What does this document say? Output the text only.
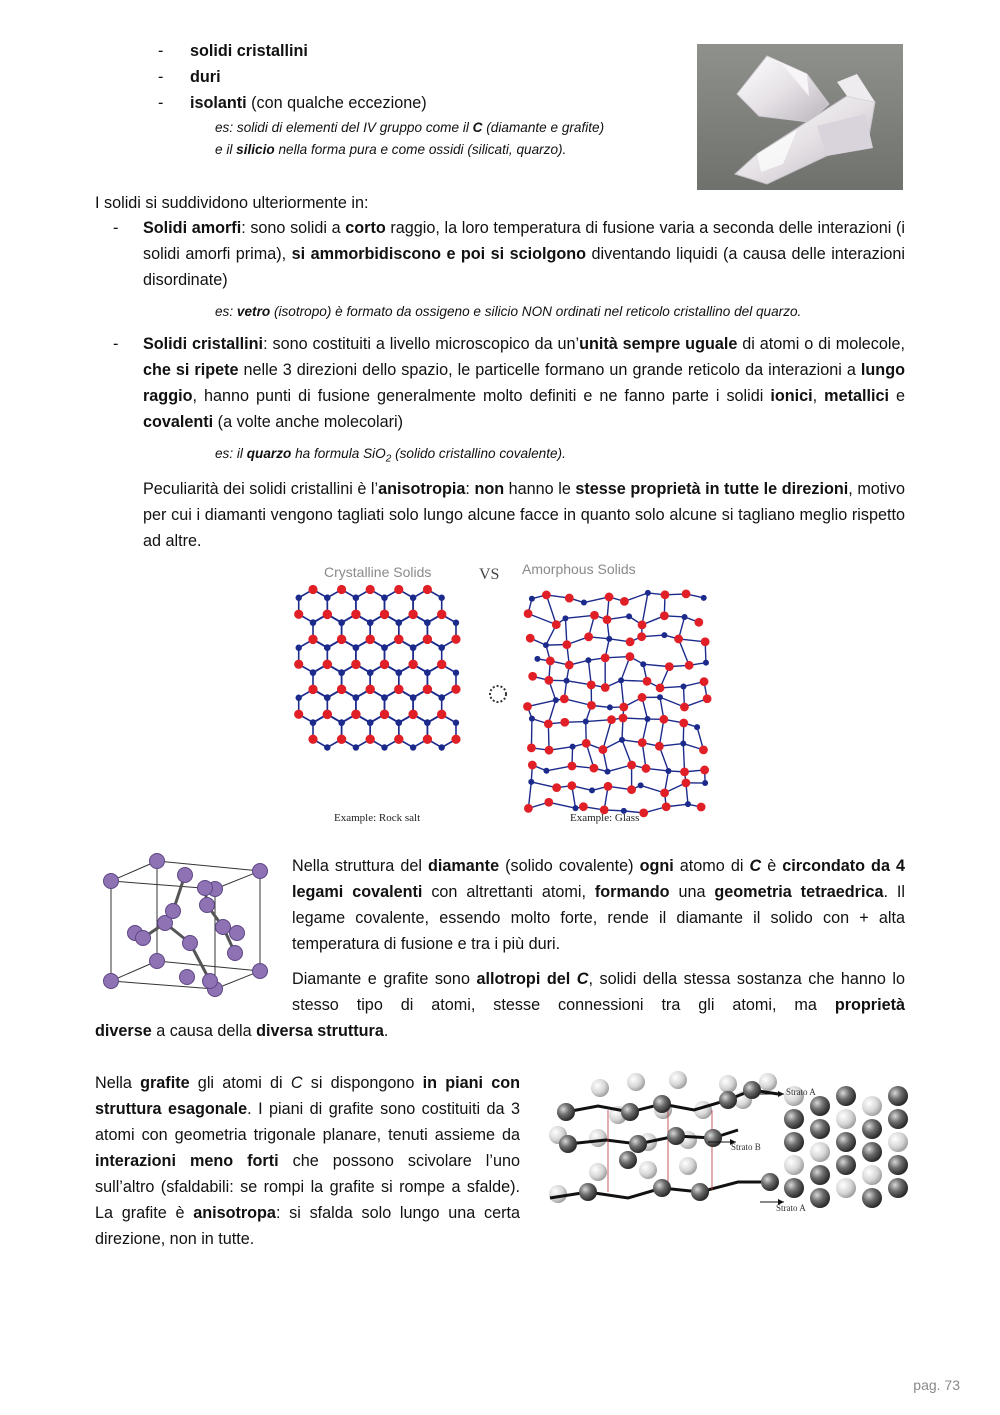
- solidi cristallini
- duri
- isolanti (con qualche eccezione)
es: solidi di elementi del IV gruppo come il C (diamante e grafite)
e il silicio nella forma pura e come ossidi (silicati, quarzo).
I solidi si suddividono ulteriormente in:
- Solidi amorfi: sono solidi a corto raggio, la loro temperatura di fusione varia a seconda delle interazioni (i solidi amorfi prima), si ammorbidiscono e poi si sciolgono diventando liquidi (a causa delle interazioni disordinate)

es: vetro (isotropo) è formato da ossigeno e silicio NON ordinati nel reticolo cristallino del quarzo.
- Solidi cristallini: sono costituiti a livello microscopico da un’unità sempre uguale di atomi o di molecole, che si ripete nelle 3 direzioni dello spazio, le particelle formano un grande reticolo da interazioni a lungo raggio, hanno punti di fusione generalmente molto definiti e ne fanno parte i solidi ionici, metallici e covalenti (a volte anche molecolari)

es: il quarzo ha formula SiO$_2$ (solido cristallino covalente).

Peculiarità dei solidi cristallini è l’anisotropia: non hanno le stesse proprietà in tutte le direzioni, motivo per cui i diamanti vengono tagliati solo lungo alcune facce in quanto solo alcune si tagliano meglio rispetto ad altre.

Crystalline Solids	VS Amorphous Solids
Example: Rock salt	Example: Glass

Nella struttura del diamante (solido covalente) ogni atomo di C è circondato da 4 legami covalenti con altrettanti atomi, formando una geometria tetraedrica. Il legame covalente, essendo molto forte, rende il diamante il solido con + alta temperatura di fusione e tra i più duri.

Diamante e grafite sono allotropi del C, solidi della stessa sostanza che hanno lo stesso tipo di atomi, stesse connessioni tra gli atomi, ma proprietà

diverse a causa della diversa struttura.

Nella grafite gli atomi di C si dispongono in piani con struttura esagonale. I piani di grafite sono costituiti da 3 atomi con geometria trigonale planare, tenuti assieme da interazioni meno forti che possono scivolare l’uno sull’altro (sfaldabili: se rompi la grafite si rompe a sfalde). La grafite è anisotropa: si sfalda solo lungo una certa direzione, non in tutte.

Strato A
Strato B
Strato A
pag. 73
